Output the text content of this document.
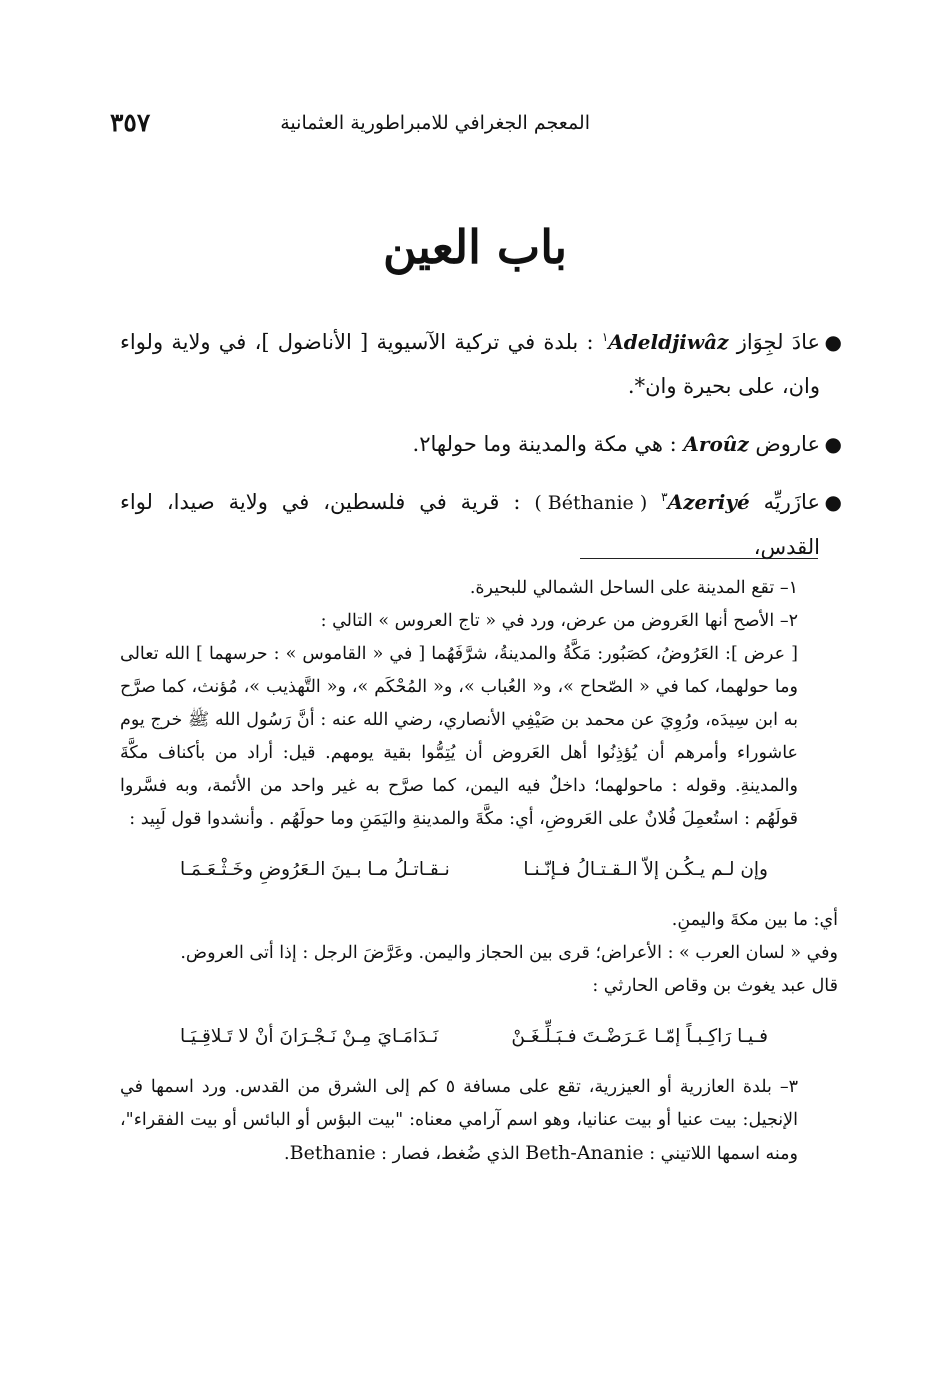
المعجم الجغرافي للامبراطورية العثمانية
٣٥٧
باب العين
●
عادَ لجِوَاز Adeldjiwâz$^١$ : بلدة في تركية الآسيوية [ الأناضول ]، في ولاية ولواء وان، على بحيرة وان*.
●
عاروض Aroûz : هي مكة والمدينة وما حولها٢.
●
عازَريِّه Azeriyé$^٣$ ( Béthanie ) : قرية في فلسطين، في ولاية صيدا، لواء القدس،
١– تقع المدينة على الساحل الشمالي للبحيرة.
٢– الأصح أنها العَروض من عرض، ورد في « تاج العروس » التالي :
[ عرض ]: العَرُوضُ، كصَبُور: مَكَّةُ والمدينةُ، شرَّفَهُما [ في « القاموس » : حرسهما ] الله تعالى وما حولهما، كما في « الصّحاح »، و« العُباب »، و« المُحْكَم »، و« التَّهذيب »، مُؤنث، كما صرَّح به ابن سِيدَه، ورُوِيَ عن محمد بن صَيْفِي الأنصاري، رضي الله عنه : أنَّ رَسُول الله ﷺ خرج يوم عاشوراء وأمرهم أن يُؤذِنُوا أهل العَروض أن يُتِمُّوا بقية يومهم. قيل: أراد من بأكناف مكَّةَ والمدينةِ. وقوله : ماحولهما؛ داخلٌ فيه اليمن، كما صرَّح به غير واحد من الأئمة، وبه فسَّروا قولَهُم : استُعمِلَ فُلانٌ على العَروضِ، أي: مكَّةَ والمدينةِ واليَمَنِ وما حولَهُم . وأنشدوا قول لَبِيد :
وإن لـم يـكُـن إلاّ الـقـتـالُ فـإنّـنـا
نـقـاتـلُ مـا بـينَ الـعَرُوضِ وخَـثْـعَـمَـا
أي: ما بين مكةَ واليمنِ.
وفي « لسان العرب » : الأعراض؛ قرى بين الحجاز واليمن. وعَرَّضَ الرجل : إذا أتى العروض.
قال عبد يغوث بن وقاص الحارثي :
فـيـا رَاكِـبـاً إمّـا عَـرَضْـتَ فـبَـلِّـغَـنْ
نَـدَامَـايَ مِـنْ نَـجْـرَانَ أنْ لا تَـلاقِـيَـا
٣– بلدة العازرية أو العيزرية، تقع على مسافة ٥ كم إلى الشرق من القدس. ورد اسمها في الإنجيل: بيت عنيا أو بيت عنانيا، وهو اسم آرامي معناه: "بيت البؤس أو البائس أو بيت الفقراء"، ومنه اسمها اللاتيني : Beth-Ananie الذي ضُغط، فصار : Bethanie.
